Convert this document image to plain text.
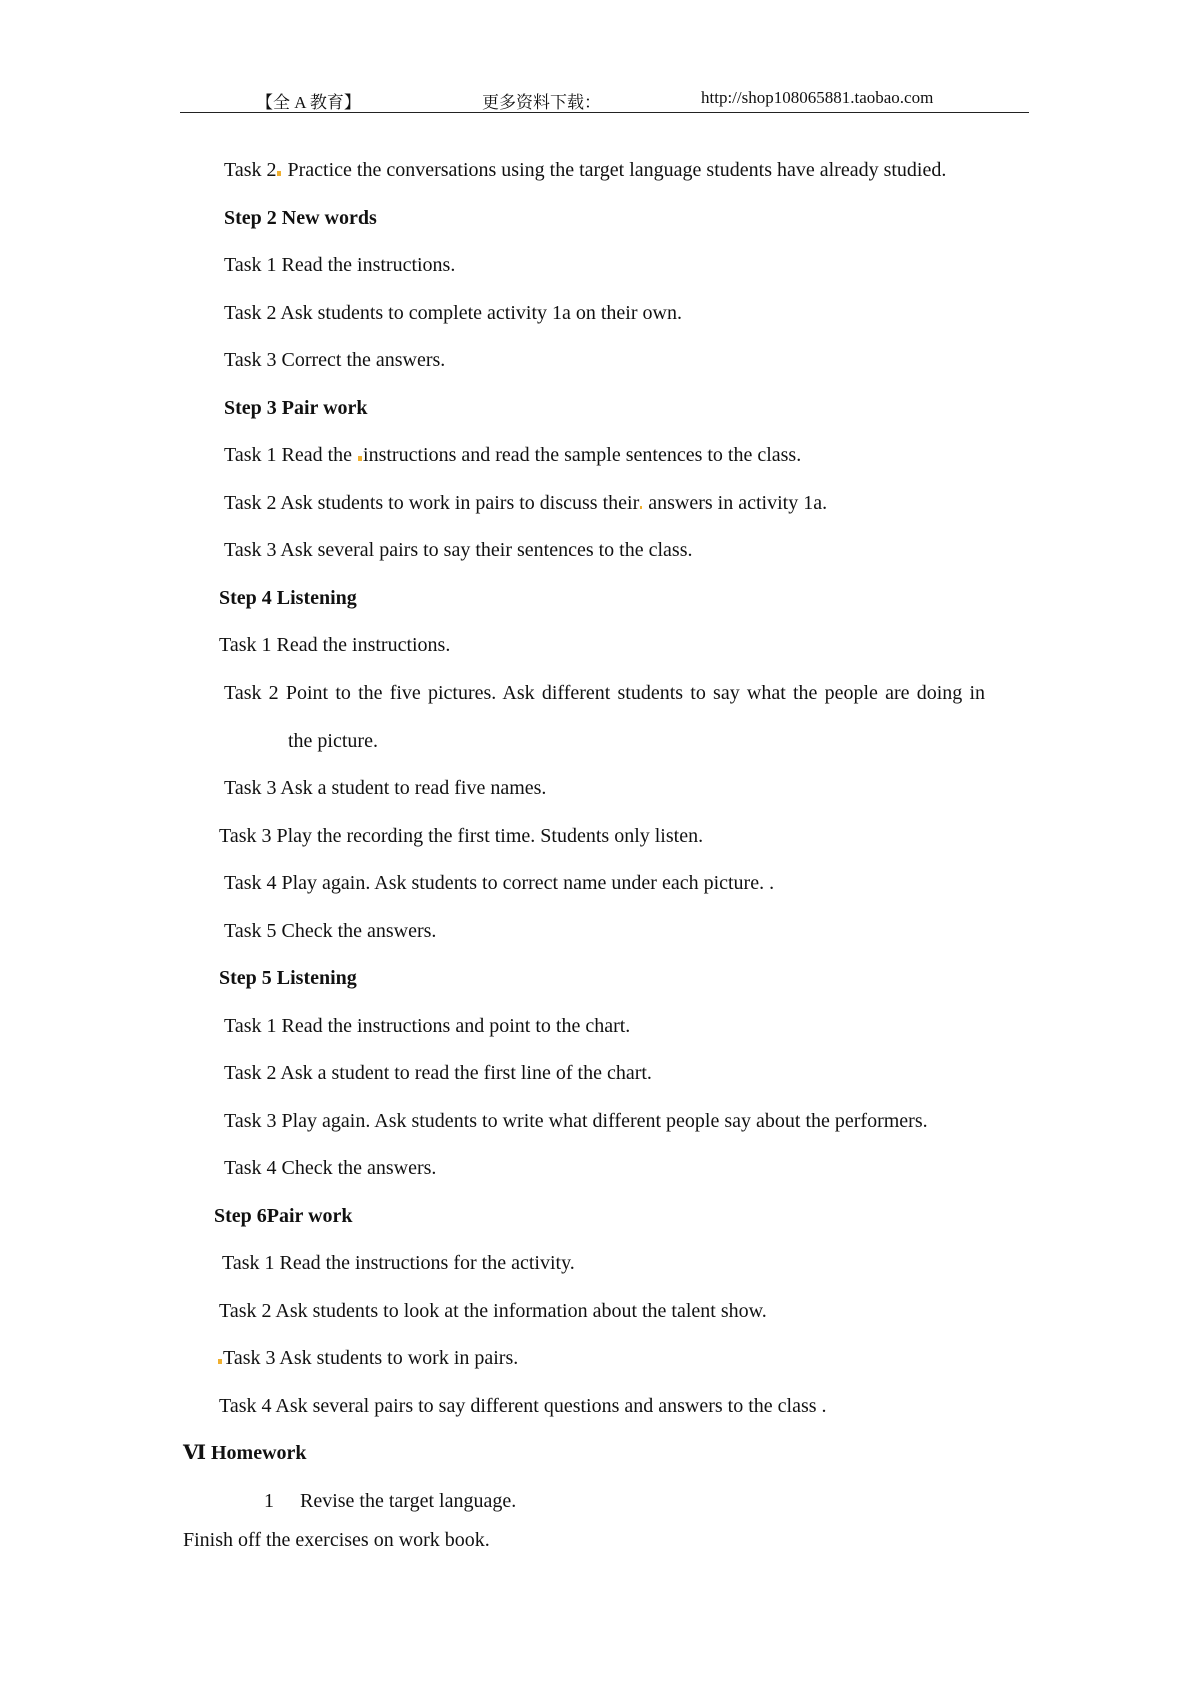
【全 A 教育】	更多资料下载：	http://shop108065881.taobao.com
Task 2 Practice the conversations using the target language students have already studied.
Step 2 New words
Task 1 Read the instructions.
Task 2 Ask students to complete activity 1a on their own.
Task 3 Correct the answers.
Step 3 Pair work
Task 1 Read the instructions and read the sample sentences to the class.
Task 2 Ask students to work in pairs to discuss their answers in activity 1a.
Task 3 Ask several pairs to say their sentences to the class.
Step 4 Listening
Task 1 Read the instructions.
Task 2 Point to the five pictures. Ask different students to say what the people are doing in
the picture.
Task 3 Ask a student to read five names.
Task 3 Play the recording the first time. Students only listen.
Task 4 Play again. Ask students to correct name under each picture. .
Task 5 Check the answers.
Step 5 Listening
Task 1 Read the instructions and point to the chart.
Task 2 Ask a student to read the first line of the chart.
Task 3 Play again. Ask students to write what different people say about the performers.
Task 4 Check the answers.
Step 6Pair work
Task 1 Read the instructions for the activity.
Task 2 Ask students to look at the information about the talent show.
Task 3 Ask students to work in pairs.
Task 4 Ask several pairs to say different questions and answers to the class .
Ⅵ Homework
1 Revise the target language.
Finish off the exercises on work book.
